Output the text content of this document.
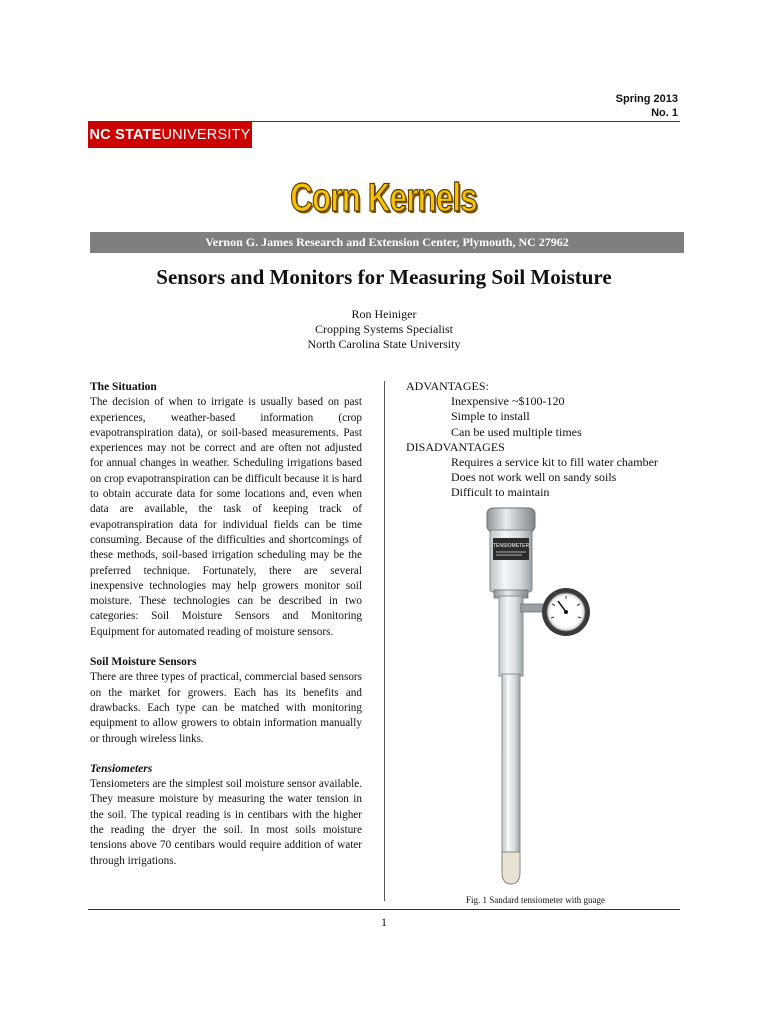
Spring 2013
No. 1
NC STATE UNIVERSITY
Corn Kernels
Vernon G. James Research and Extension Center, Plymouth, NC 27962
Sensors and Monitors for Measuring Soil Moisture
Ron Heiniger
Cropping Systems Specialist
North Carolina State University
The Situation

The decision of when to irrigate is usually based on past experiences, weather-based information (crop evapotranspiration data), or soil-based measurements. Past experiences may not be correct and are often not adjusted for annual changes in weather. Scheduling irrigations based on crop evapotranspiration can be difficult because it is hard to obtain accurate data for some locations and, even when data are available, the task of keeping track of evapotranspiration data for individual fields can be time consuming. Because of the difficulties and shortcomings of these methods, soil-based irrigation scheduling may be the preferred technique. Fortunately, there are several inexpensive technologies may help growers monitor soil moisture. These technologies can be described in two categories: Soil Moisture Sensors and Monitoring Equipment for automated reading of moisture sensors.

Soil Moisture Sensors

There are three types of practical, commercial based sensors on the market for growers. Each has its benefits and drawbacks. Each type can be matched with monitoring equipment to allow growers to obtain information manually or through wireless links.

Tensiometers

Tensiometers are the simplest soil moisture sensor available. They measure moisture by measuring the water tension in the soil. The typical reading is in centibars with the higher the reading the dryer the soil. In most soils moisture tensions above 70 centibars would require addition of water through irrigations.

ADVANTAGES:
Inexpensive ~$100-120
Simple to install
Can be used multiple times
DISADVANTAGES
Requires a service kit to fill water chamber
Does not work well on sandy soils
Difficult to maintain
TENSIOMETER
Fig. 1 Sandard tensiometer with guage
1
